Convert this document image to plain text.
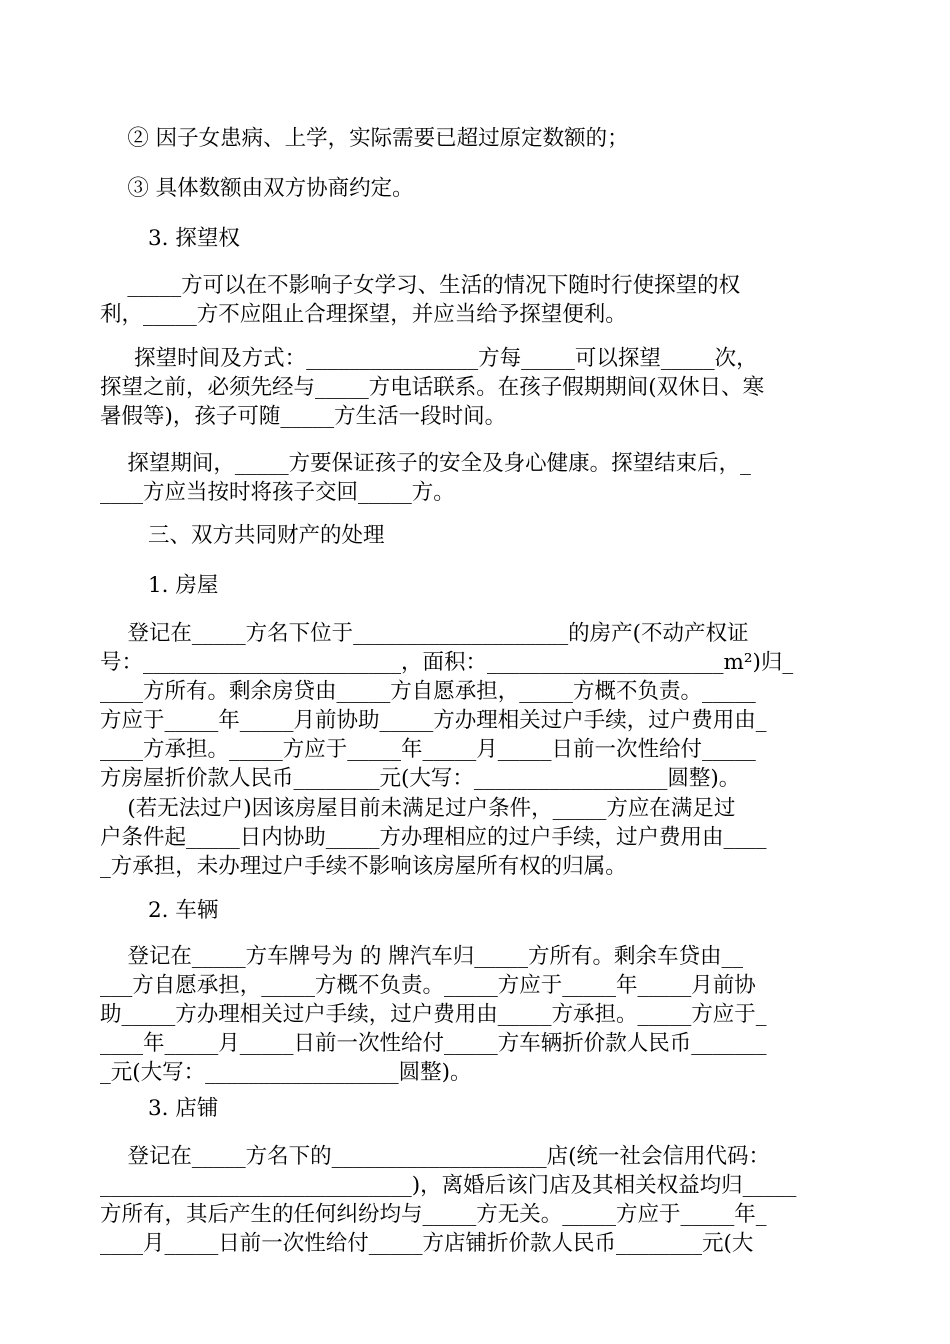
② 因子女患病、上学，实际需要已超过原定数额的；
③ 具体数额由双方协商约定。
3. 探望权
_____方可以在不影响子女学习、生活的情况下随时行使探望的权
利，_____方不应阻止合理探望，并应当给予探望便利。
探望时间及方式：________________方每_____可以探望_____次，
探望之前，必须先经与_____方电话联系。在孩子假期期间(双休日、寒
暑假等)，孩子可随_____方生活一段时间。
探望期间，_____方要保证孩子的安全及身心健康。探望结束后，_
____方应当按时将孩子交回_____方。
三、双方共同财产的处理
1. 房屋
登记在_____方名下位于____________________的房产(不动产权证
号：________________________，面积：______________________m²)归_
____方所有。剩余房贷由_____方自愿承担，_____方概不负责。_____
方应于_____年_____月前协助_____方办理相关过户手续，过户费用由_
____方承担。_____方应于_____年_____月_____日前一次性给付_____
方房屋折价款人民币________元(大写：__________________圆整)。
(若无法过户)因该房屋目前未满足过户条件，_____方应在满足过
户条件起_____日内协助_____方办理相应的过户手续，过户费用由____
_方承担，未办理过户手续不影响该房屋所有权的归属。
2. 车辆
登记在_____方车牌号为 的 牌汽车归_____方所有。剩余车贷由__
___方自愿承担，_____方概不负责。_____方应于_____年_____月前协
助_____方办理相关过户手续，过户费用由_____方承担。_____方应于_
____年_____月_____日前一次性给付_____方车辆折价款人民币_______
_元(大写：__________________圆整)。
3. 店铺
登记在_____方名下的____________________店(统一社会信用代码：
_____________________________)，离婚后该门店及其相关权益均归_____
方所有，其后产生的任何纠纷均与_____方无关。_____方应于_____年_
____月_____日前一次性给付_____方店铺折价款人民币________元(大
